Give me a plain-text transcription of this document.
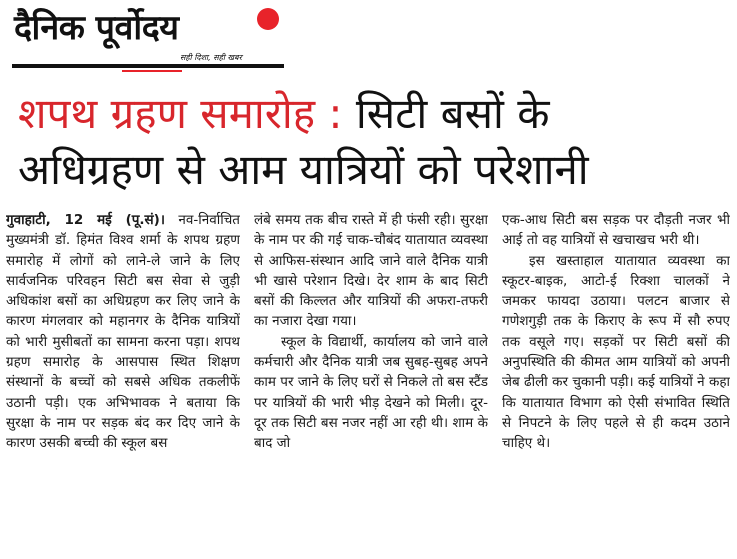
दैनिक पूर्वोदय
सही दिशा, सही खबर
शपथ ग्रहण समारोह : सिटी बसों के
अधिग्रहण से आम यात्रियों को परेशानी

गुवाहाटी, 12 मई (पू.सं)। नव-निर्वाचित मुख्यमंत्री डॉ. हिमंत विश्व शर्मा के शपथ ग्रहण समारोह में लोगों को लाने-ले जाने के लिए सार्वजनिक परिवहन सिटी बस सेवा से जुड़ी अधिकांश बसों का अधिग्रहण कर लिए जाने के कारण मंगलवार को महानगर के दैनिक यात्रियों को भारी मुसीबतों का सामना करना पड़ा। शपथ ग्रहण समारोह के आसपास स्थित शिक्षण संस्थानों के बच्चों को सबसे अधिक तकलीफें उठानी पड़ी। एक अभिभावक ने बताया कि सुरक्षा के नाम पर सड़क बंद कर दिए जाने के कारण उसकी बच्ची की स्कूल बस

लंबे समय तक बीच रास्ते में ही फंसी रही। सुरक्षा के नाम पर की गई चाक-चौबंद यातायात व्यवस्था से आफिस-संस्थान आदि जाने वाले दैनिक यात्री भी खासे परेशान दिखे। देर शाम के बाद सिटी बसों की किल्लत और यात्रियों की अफरा-तफरी का नजारा देखा गया।

स्कूल के विद्यार्थी, कार्यालय को जाने वाले कर्मचारी और दैनिक यात्री जब सुबह-सुबह अपने काम पर जाने के लिए घरों से निकले तो बस स्टैंड पर यात्रियों की भारी भीड़ देखने को मिली। दूर-दूर तक सिटी बस नजर नहीं आ रही थी। शाम के बाद जो

एक-आध सिटी बस सड़क पर दौड़ती नजर भी आई तो वह यात्रियों से खचाखच भरी थी।

इस खस्ताहाल यातायात व्यवस्था का स्कूटर-बाइक, आटो-ई रिक्शा चालकों ने जमकर फायदा उठाया। पलटन बाजार से गणेशगुड़ी तक के किराए के रूप में सौ रुपए तक वसूले गए। सड़कों पर सिटी बसों की अनुपस्थिति की कीमत आम यात्रियों को अपनी जेब ढीली कर चुकानी पड़ी। कई यात्रियों ने कहा कि यातायात विभाग को ऐसी संभावित स्थिति से निपटने के लिए पहले से ही कदम उठाने चाहिए थे।
